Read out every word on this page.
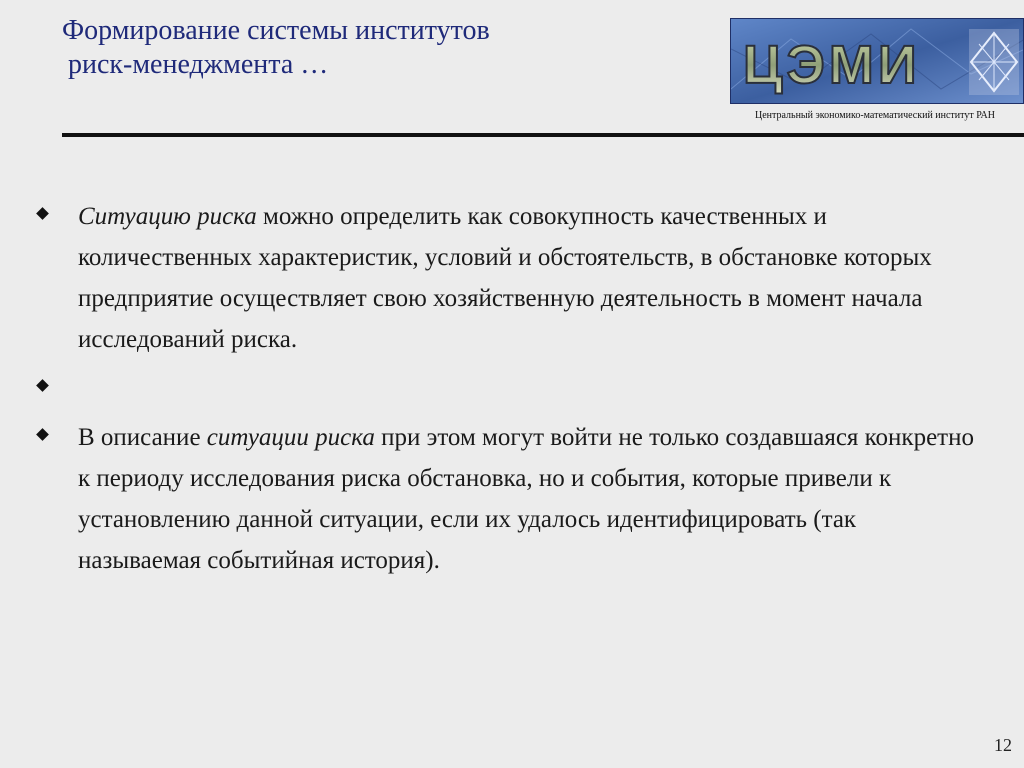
Формирование системы институтов
риск-менеджмента …	ЦЭМИ
Центральный экономико-математический институт РАН
Ситуацию риска можно определить как совокупность качественных и количественных характеристик, условий и обстоятельств, в обстановке которых предприятие осуществляет свою хозяйственную деятельность в момент начала исследований риска.
В описание ситуации риска при этом могут войти не только создавшаяся конкретно к периоду исследования риска обстановка, но и события, которые привели к установлению данной ситуации, если их удалось идентифицировать (так называемая событийная история).
12
